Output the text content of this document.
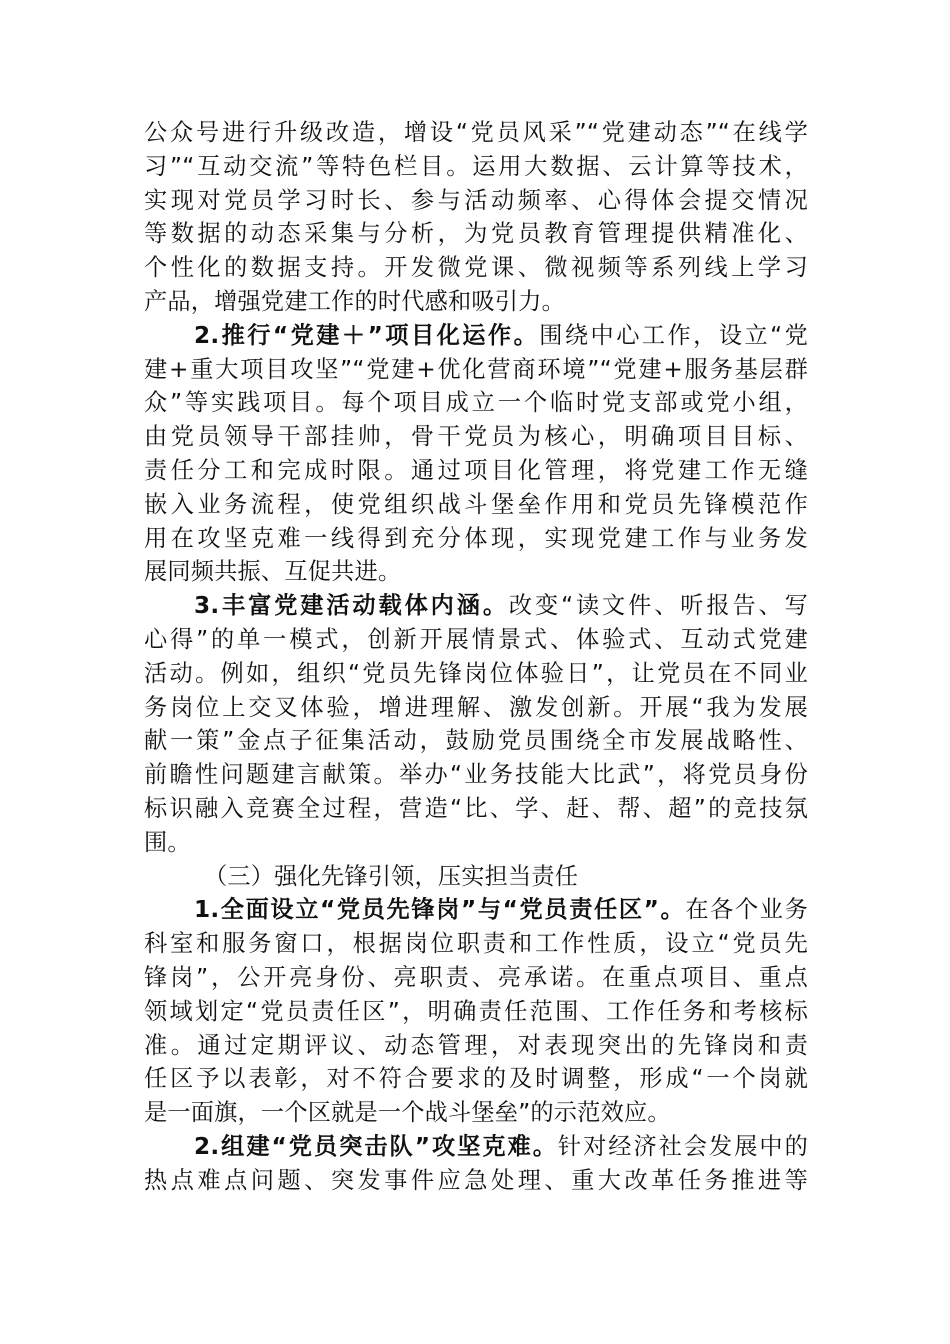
公众号进行升级改造，增设“党员风采”“党建动态”“在线学
习”“互动交流”等特色栏目。运用大数据、云计算等技术，
实现对党员学习时长、参与活动频率、心得体会提交情况
等数据的动态采集与分析，为党员教育管理提供精准化、
个性化的数据支持。开发微党课、微视频等系列线上学习
产品，增强党建工作的时代感和吸引力。
2.推行“党建＋”项目化运作。围绕中心工作，设立“党
建+重大项目攻坚”“党建+优化营商环境”“党建+服务基层群
众”等实践项目。每个项目成立一个临时党支部或党小组，
由党员领导干部挂帅，骨干党员为核心，明确项目目标、
责任分工和完成时限。通过项目化管理，将党建工作无缝
嵌入业务流程，使党组织战斗堡垒作用和党员先锋模范作
用在攻坚克难一线得到充分体现，实现党建工作与业务发
展同频共振、互促共进。
3.丰富党建活动载体内涵。改变“读文件、听报告、写
心得”的单一模式，创新开展情景式、体验式、互动式党建
活动。例如，组织“党员先锋岗位体验日”，让党员在不同业
务岗位上交叉体验，增进理解、激发创新。开展“我为发展
献一策”金点子征集活动，鼓励党员围绕全市发展战略性、
前瞻性问题建言献策。举办“业务技能大比武”，将党员身份
标识融入竞赛全过程，营造“比、学、赶、帮、超”的竞技氛
围。
（三）强化先锋引领，压实担当责任
1.全面设立“党员先锋岗”与“党员责任区”。在各个业务
科室和服务窗口，根据岗位职责和工作性质，设立“党员先
锋岗”，公开亮身份、亮职责、亮承诺。在重点项目、重点
领域划定“党员责任区”，明确责任范围、工作任务和考核标
准。通过定期评议、动态管理，对表现突出的先锋岗和责
任区予以表彰，对不符合要求的及时调整，形成“一个岗就
是一面旗，一个区就是一个战斗堡垒”的示范效应。
2.组建“党员突击队”攻坚克难。针对经济社会发展中的
热点难点问题、突发事件应急处理、重大改革任务推进等
